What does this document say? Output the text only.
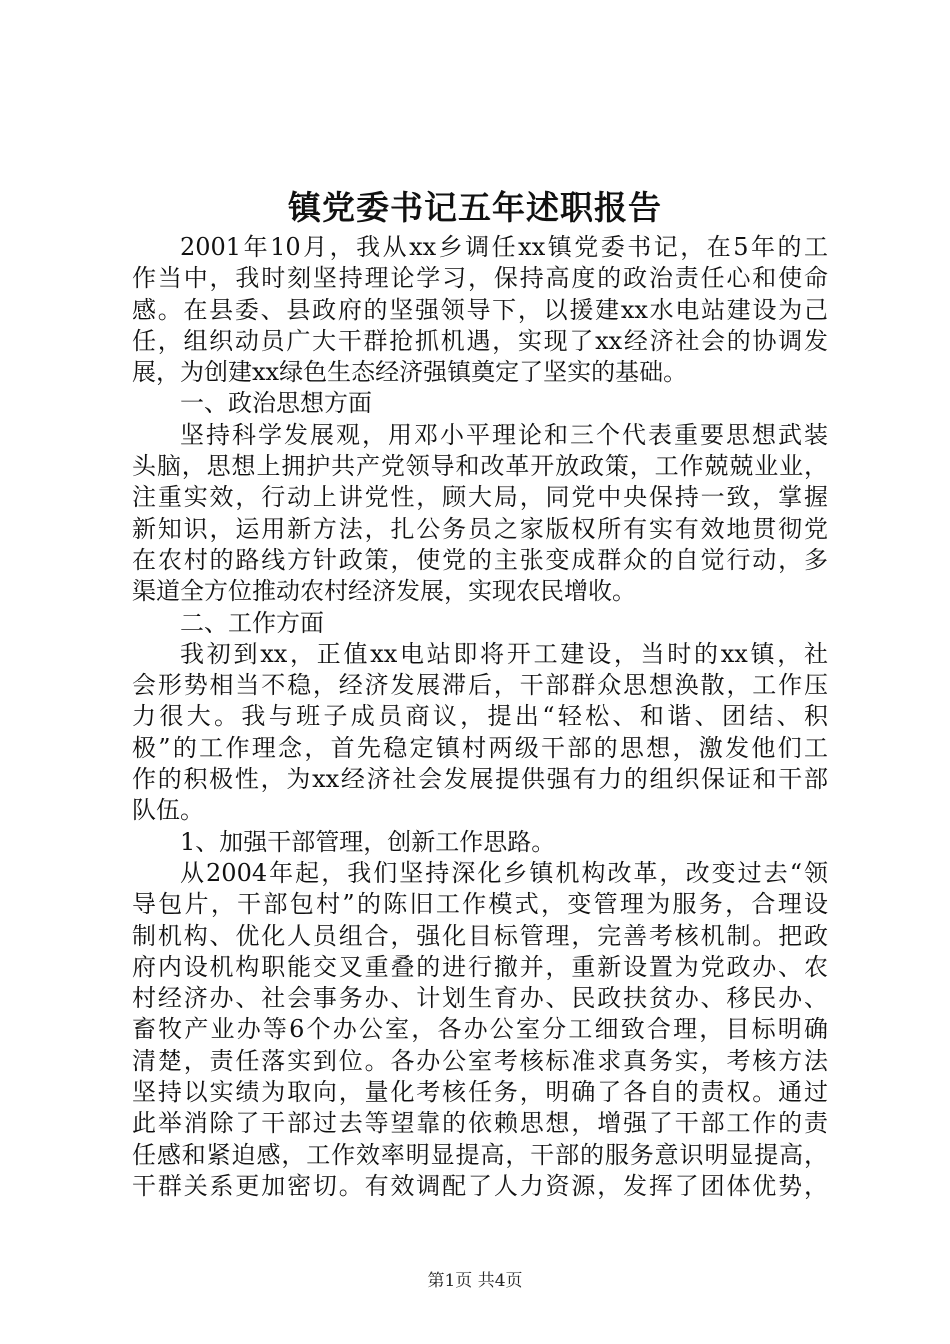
镇党委书记五年述职报告
2001年10月，我从xx乡调任xx镇党委书记，在5年的工
作当中，我时刻坚持理论学习，保持高度的政治责任心和使命
感。在县委、县政府的坚强领导下，以援建xx水电站建设为己
任，组织动员广大干群抢抓机遇，实现了xx经济社会的协调发
展，为创建xx绿色生态经济强镇奠定了坚实的基础。
一、政治思想方面
坚持科学发展观，用邓小平理论和三个代表重要思想武装
头脑，思想上拥护共产党领导和改革开放政策，工作兢兢业业，
注重实效，行动上讲党性，顾大局，同党中央保持一致，掌握
新知识，运用新方法，扎公务员之家版权所有实有效地贯彻党
在农村的路线方针政策，使党的主张变成群众的自觉行动，多
渠道全方位推动农村经济发展，实现农民增收。
二、工作方面
我初到xx，正值xx电站即将开工建设，当时的xx镇，社
会形势相当不稳，经济发展滞后，干部群众思想涣散，工作压
力很大。我与班子成员商议，提出“轻松、和谐、团结、积
极”的工作理念，首先稳定镇村两级干部的思想，激发他们工
作的积极性，为xx经济社会发展提供强有力的组织保证和干部
队伍。
1、加强干部管理，创新工作思路。
从2004年起，我们坚持深化乡镇机构改革，改变过去“领
导包片，干部包村”的陈旧工作模式，变管理为服务，合理设
制机构、优化人员组合，强化目标管理，完善考核机制。把政
府内设机构职能交叉重叠的进行撤并，重新设置为党政办、农
村经济办、社会事务办、计划生育办、民政扶贫办、移民办、
畜牧产业办等6个办公室，各办公室分工细致合理，目标明确
清楚，责任落实到位。各办公室考核标准求真务实，考核方法
坚持以实绩为取向，量化考核任务，明确了各自的责权。通过
此举消除了干部过去等望靠的依赖思想，增强了干部工作的责
任感和紧迫感，工作效率明显提高，干部的服务意识明显提高，
干群关系更加密切。有效调配了人力资源，发挥了团体优势，
第1页 共4页
